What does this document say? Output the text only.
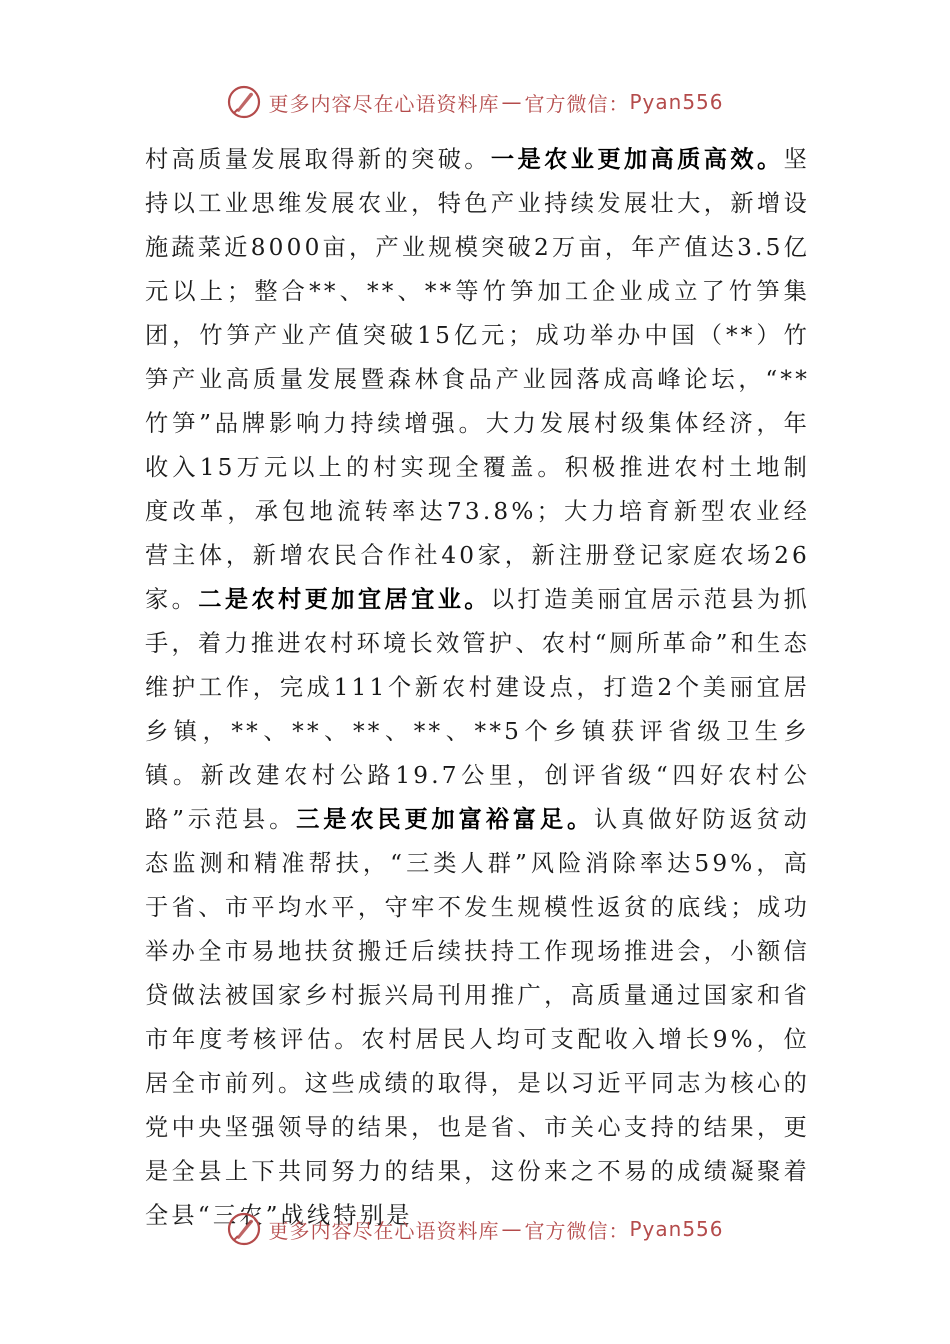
更多内容尽在心语资料库 — 官方微信： Pyan556

村高质量发展取得新的突破。一是农业更加高质高效。坚持以工业思维发展农业，特色产业持续发展壮大，新增设施蔬菜近8000亩，产业规模突破2万亩，年产值达3.5亿元以上；整合**、**、**等竹笋加工企业成立了竹笋集团，竹笋产业产值突破15亿元；成功举办中国（**）竹笋产业高质量发展暨森林食品产业园落成高峰论坛，“**竹笋”品牌影响力持续增强。大力发展村级集体经济，年收入15万元以上的村实现全覆盖。积极推进农村土地制度改革，承包地流转率达73.8%；大力培育新型农业经营主体，新增农民合作社40家，新注册登记家庭农场26家。二是农村更加宜居宜业。以打造美丽宜居示范县为抓手，着力推进农村环境长效管护、农村“厕所革命”和生态维护工作，完成111个新农村建设点，打造2个美丽宜居乡镇，**、**、**、**、**5个乡镇获评省级卫生乡镇。新改建农村公路19.7公里，创评省级“四好农村公路”示范县。三是农民更加富裕富足。认真做好防返贫动态监测和精准帮扶，“三类人群”风险消除率达59%，高于省、市平均水平，守牢不发生规模性返贫的底线；成功举办全市易地扶贫搬迁后续扶持工作现场推进会，小额信贷做法被国家乡村振兴局刊用推广，高质量通过国家和省市年度考核评估。农村居民人均可支配收入增长9%，位居全市前列。这些成绩的取得，是以习近平同志为核心的党中央坚强领导的结果，也是省、市关心支持的结果，更是全县上下共同努力的结果，这份来之不易的成绩凝聚着全县“三农”战线特别是

更多内容尽在心语资料库 — 官方微信： Pyan556
